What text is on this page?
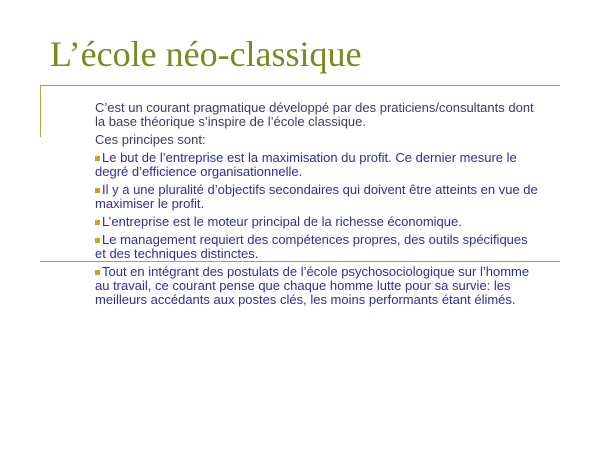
L’école néo-classique

C’est un courant pragmatique développé par des praticiens/consultants dont la base théorique s’inspire de l’école classique.

Ces principes sont:

Le but de l’entreprise est la maximisation du profit. Ce dernier mesure le degré d’efficience organisationnelle.

Il y a une pluralité d’objectifs secondaires qui doivent être atteints en vue de maximiser le profit.

L’entreprise est le moteur principal de la richesse économique.

Le management requiert des compétences propres, des outils spécifiques et des techniques distinctes.

Tout en intégrant des postulats de l’école psychosociologique sur l’homme au travail, ce courant pense que chaque homme lutte pour sa survie: les meilleurs accédants aux postes clés, les moins performants étant élimés.
